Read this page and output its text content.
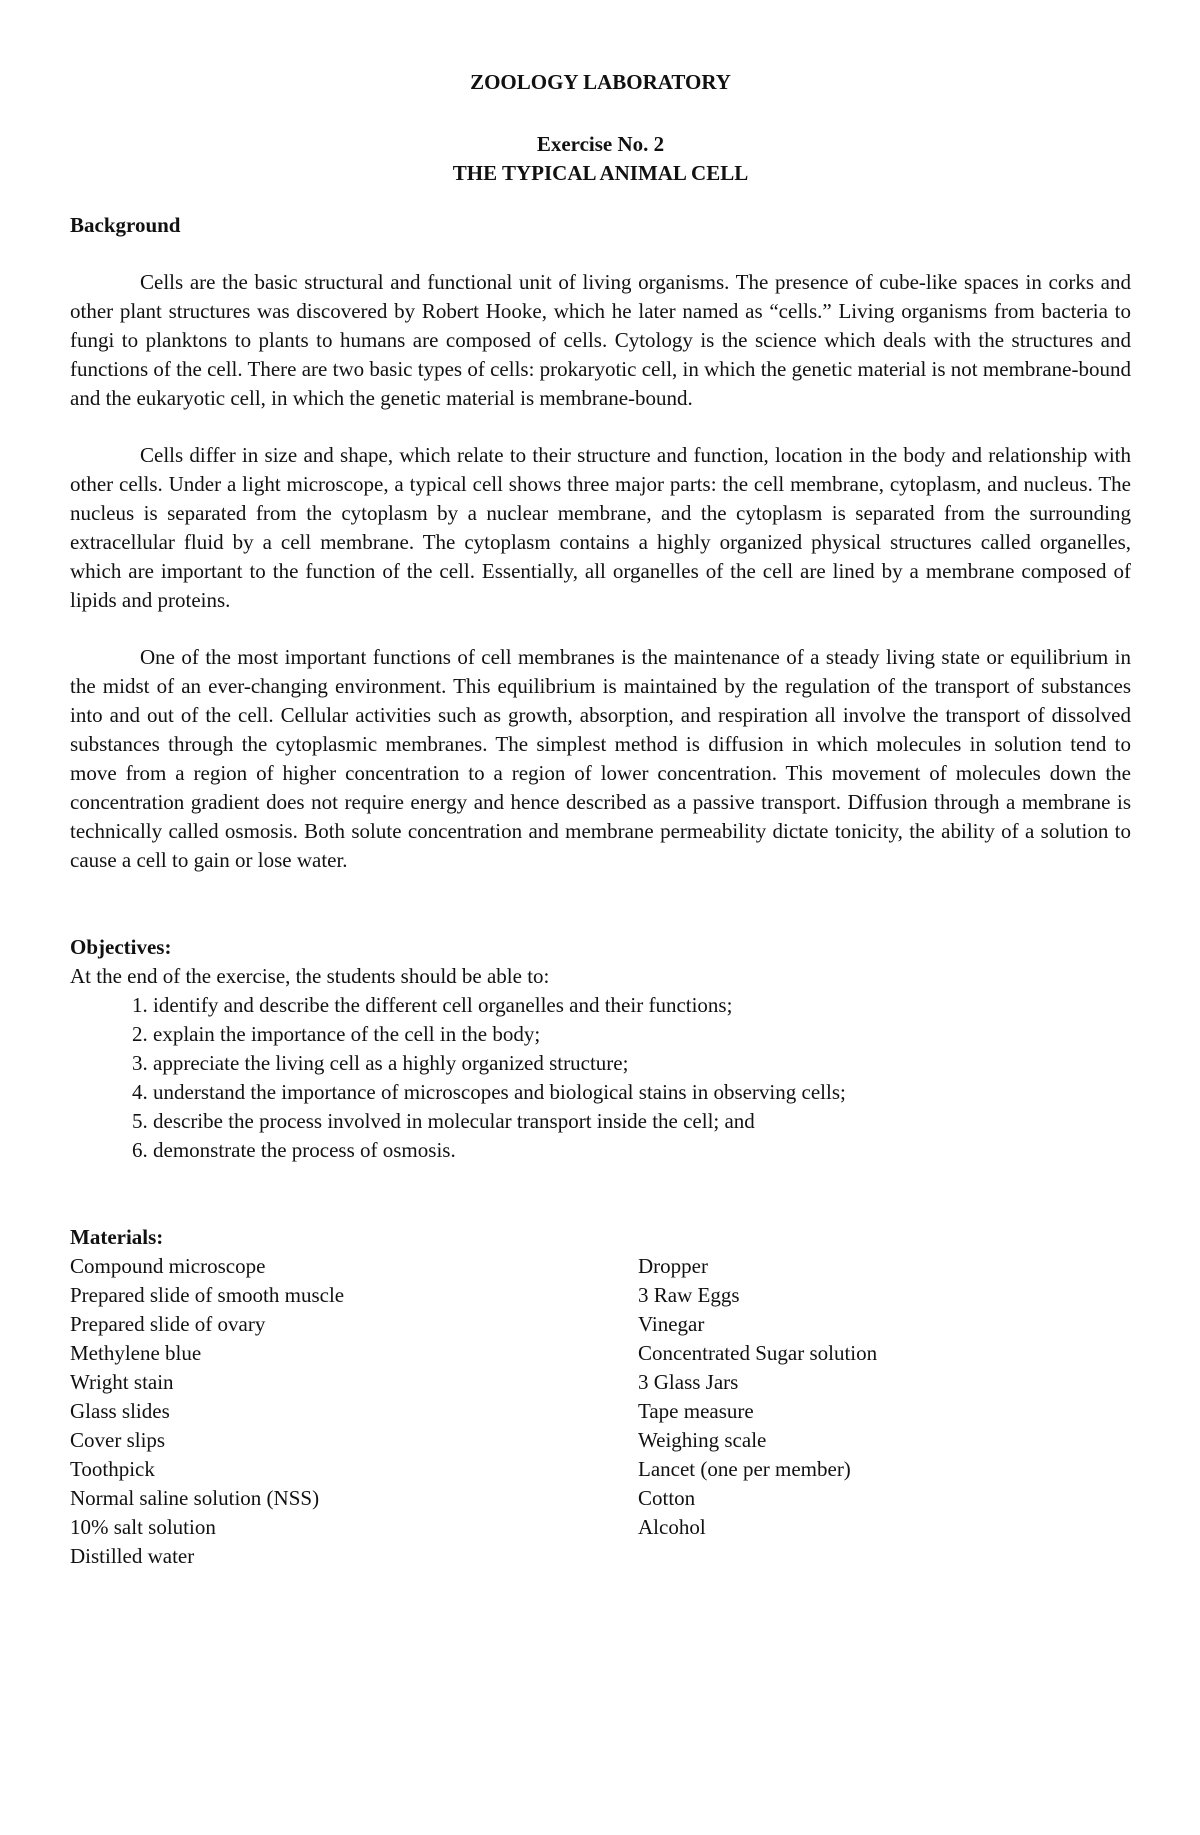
ZOOLOGY LABORATORY

Exercise No. 2

THE TYPICAL ANIMAL CELL

Background

Cells are the basic structural and functional unit of living organisms. The presence of cube-like spaces in corks and other plant structures was discovered by Robert Hooke, which he later named as “cells.” Living organisms from bacteria to fungi to planktons to plants to humans are composed of cells. Cytology is the science which deals with the structures and functions of the cell. There are two basic types of cells: prokaryotic cell, in which the genetic material is not membrane-bound and the eukaryotic cell, in which the genetic material is membrane-bound.

Cells differ in size and shape, which relate to their structure and function, location in the body and relationship with other cells. Under a light microscope, a typical cell shows three major parts: the cell membrane, cytoplasm, and nucleus. The nucleus is separated from the cytoplasm by a nuclear membrane, and the cytoplasm is separated from the surrounding extracellular fluid by a cell membrane. The cytoplasm contains a highly organized physical structures called organelles, which are important to the function of the cell. Essentially, all organelles of the cell are lined by a membrane composed of lipids and proteins.

One of the most important functions of cell membranes is the maintenance of a steady living state or equilibrium in the midst of an ever-changing environment. This equilibrium is maintained by the regulation of the transport of substances into and out of the cell. Cellular activities such as growth, absorption, and respiration all involve the transport of dissolved substances through the cytoplasmic membranes. The simplest method is diffusion in which molecules in solution tend to move from a region of higher concentration to a region of lower concentration. This movement of molecules down the concentration gradient does not require energy and hence described as a passive transport. Diffusion through a membrane is technically called osmosis. Both solute concentration and membrane permeability dictate tonicity, the ability of a solution to cause a cell to gain or lose water.

Objectives:

At the end of the exercise, the students should be able to:

1. identify and describe the different cell organelles and their functions;
2. explain the importance of the cell in the body;
3. appreciate the living cell as a highly organized structure;
4. understand the importance of microscopes and biological stains in observing cells;
5. describe the process involved in molecular transport inside the cell; and
6. demonstrate the process of osmosis.

Materials:

Compound microscope
Prepared slide of smooth muscle
Prepared slide of ovary
Methylene blue
Wright stain
Glass slides
Cover slips
Toothpick
Normal saline solution (NSS)
10% salt solution
Distilled water
Dropper
3 Raw Eggs
Vinegar
Concentrated Sugar solution
3 Glass Jars
Tape measure
Weighing scale
Lancet (one per member)
Cotton
Alcohol
